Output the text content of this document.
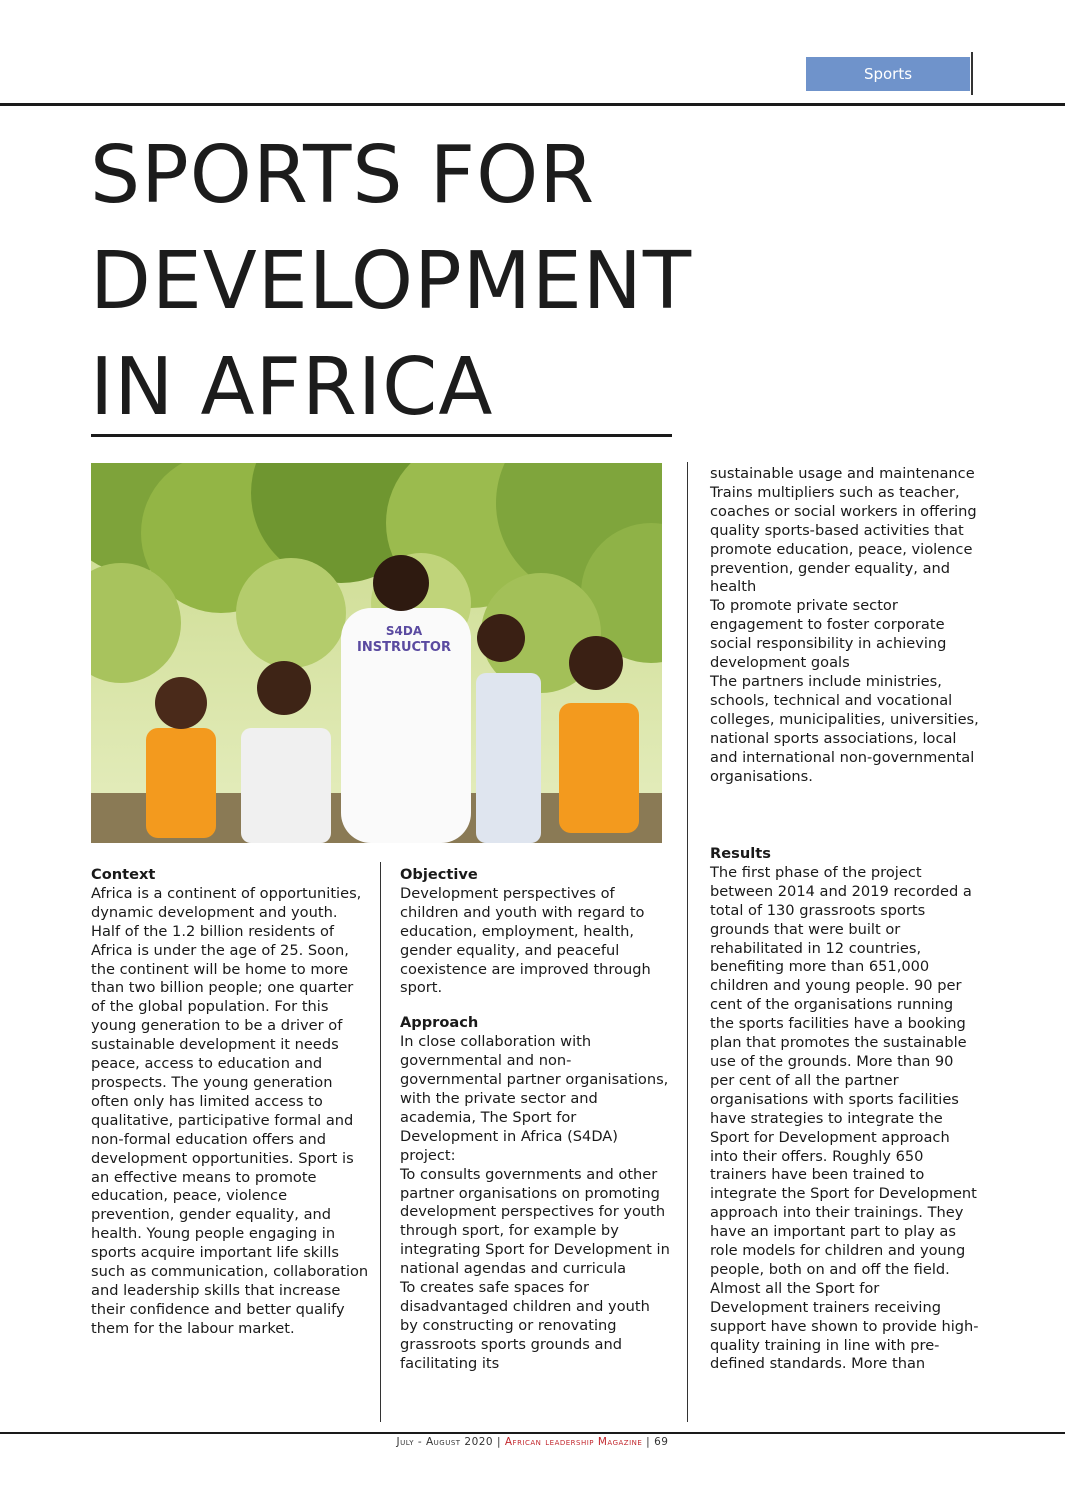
Sports
SPORTS FOR
DEVELOPMENT
IN AFRICA
S4DA
INSTRUCTOR
Context

Africa is a continent of opportunities, dynamic development and youth. Half of the 1.2 billion residents of Africa is under the age of 25. Soon, the continent will be home to more than two billion people; one quarter of the global population. For this young generation to be a driver of sustainable development it needs peace, access to education and prospects. The young generation often only has limited access to qualitative, participative formal and non-formal education offers and development opportunities. Sport is an effective means to promote education, peace, violence prevention, gender equality, and health. Young people engaging in sports acquire important life skills such as communication, collaboration and leadership skills that increase their confidence and better qualify them for the labour market.

Objective

Development perspectives of children and youth with regard to education, employment, health, gender equality, and peaceful coexistence are improved through sport.

Approach

In close collaboration with governmental and non-governmental partner organisations, with the private sector and academia, The Sport for Development in Africa (S4DA) project:

To consults governments and other partner organisations on promoting development perspectives for youth through sport, for example by integrating Sport for Development in national agendas and curricula

To creates safe spaces for disadvantaged children and youth by constructing or renovating grassroots sports grounds and facilitating its

sustainable usage and maintenance

Trains multipliers such as teacher, coaches or social workers in offering quality sports-based activities that promote education, peace, violence prevention, gender equality, and health

To promote private sector engagement to foster corporate social responsibility in achieving development goals

The partners include ministries, schools, technical and vocational colleges, municipalities, universities, national sports associations, local and international non-governmental organisations.

Results

The first phase of the project between 2014 and 2019 recorded a total of 130 grassroots sports grounds that were built or rehabilitated in 12 countries, benefiting more than 651,000 children and young people. 90 per cent of the organisations running the sports facilities have a booking plan that promotes the sustainable use of the grounds. More than 90 per cent of all the partner organisations with sports facilities have strategies to integrate the Sport for Development approach into their offers. Roughly 650 trainers have been trained to integrate the Sport for Development approach into their trainings. They have an important part to play as role models for children and young people, both on and off the field. Almost all the Sport for Development trainers receiving support have shown to provide high-quality training in line with pre-defined standards. More than

July - August 2020 | African leadership Magazine | 69
